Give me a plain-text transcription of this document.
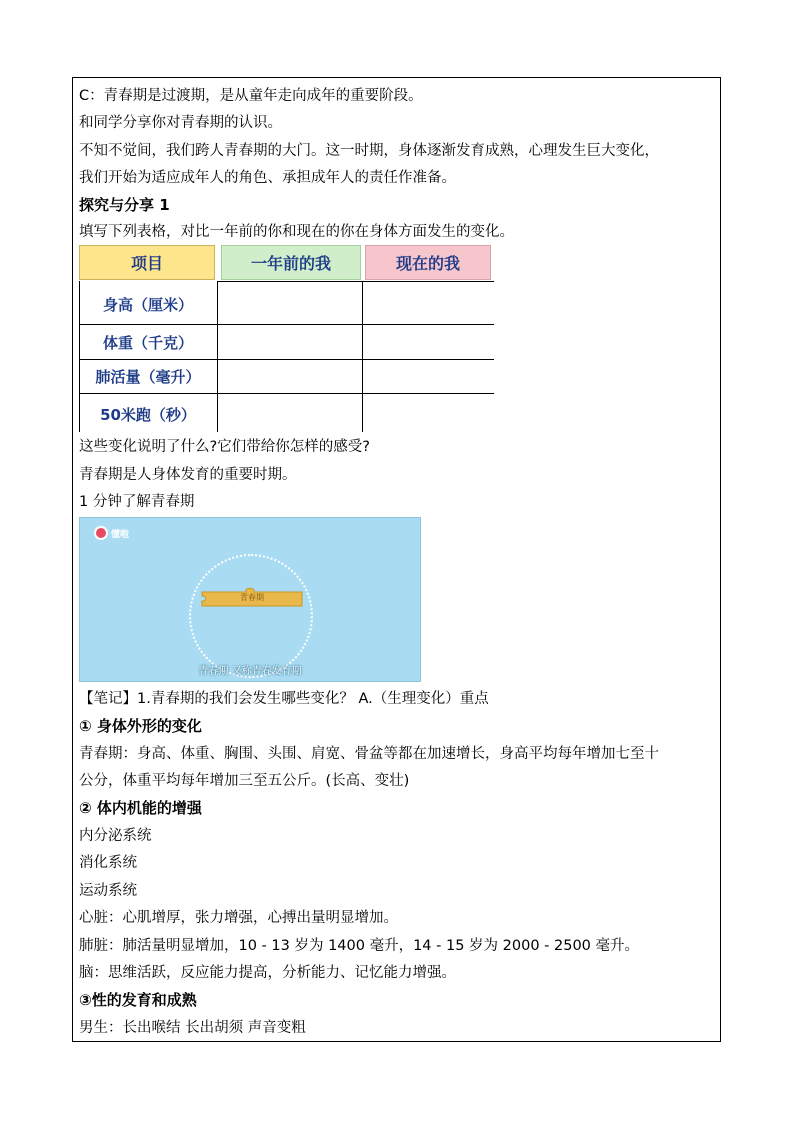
C：青春期是过渡期，是从童年走向成年的重要阶段。
和同学分享你对青春期的认识。
不知不觉间，我们跨人青春期的大门。这一时期，身体逐渐发育成熟，心理发生巨大变化，
我们开始为适应成年人的角色、承担成年人的责任作准备。
探究与分享 1
填写下列表格，对比一年前的你和现在的你在身体方面发生的变化。
项目	一年前的我	现在的我
身高（厘米）
体重（千克）
肺活量（毫升）
50米跑（秒）
这些变化说明了什么?它们带给你怎样的感受?
青春期是人身体发育的重要时期。
1 分钟了解青春期
懂啦
青春期
青春期 又称青春发育期
【笔记】1.青春期的我们会发生哪些变化？ A.（生理变化）重点
① 身体外形的变化
青春期：身高、体重、胸围、头围、肩宽、骨盆等都在加速增长，身高平均每年增加七至十
公分，体重平均每年增加三至五公斤。(长高、变壮)
② 体内机能的增强
内分泌系统
消化系统
运动系统
心脏：心肌增厚，张力增强，心搏出量明显增加。
肺脏：肺活量明显增加，10 - 13 岁为 1400 毫升，14 - 15 岁为 2000 - 2500 毫升。
脑：思维活跃，反应能力提高，分析能力、记忆能力增强。
③性的发育和成熟
男生：长出喉结 长出胡须 声音变粗
